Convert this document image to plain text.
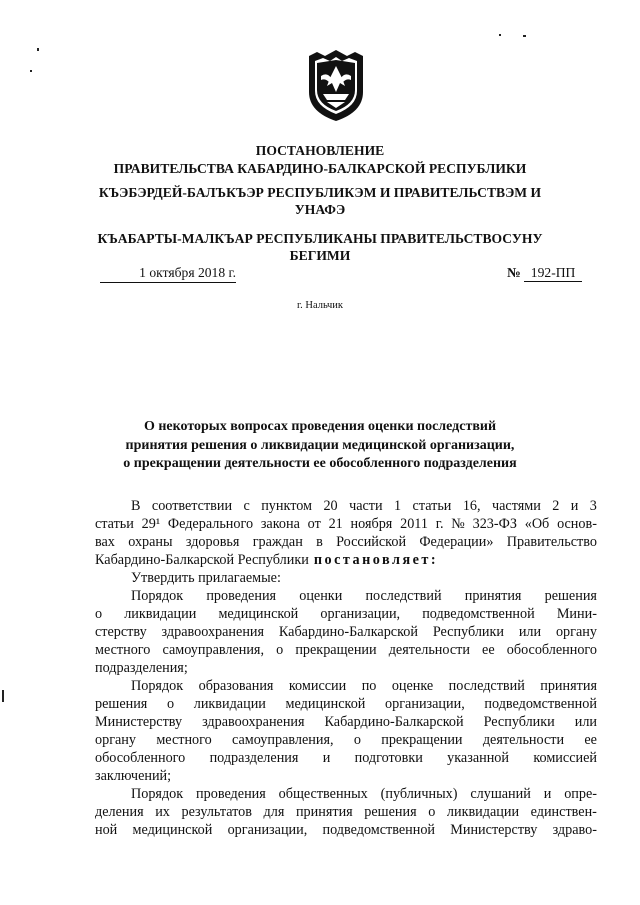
ПОСТАНОВЛЕНИЕ
ПРАВИТЕЛЬСТВА КАБАРДИНО-БАЛКАРСКОЙ РЕСПУБЛИКИ
КЪЭБЭРДЕЙ-БАЛЪКЪЭР РЕСПУБЛИКЭМ И ПРАВИТЕЛЬСТВЭМ И
УНАФЭ
КЪАБАРТЫ-МАЛКЪАР РЕСПУБЛИКАНЫ ПРАВИТЕЛЬСТВОСУНУ
БЕГИМИ
1 октября 2018 г.	№ 192-ПП
г. Нальчик
О некоторых вопросах проведения оценки последствий
принятия решения о ликвидации медицинской организации,
о прекращении деятельности ее обособленного подразделения
В соответствии с пунктом 20 части 1 статьи 16, частями 2 и 3
статьи 29¹ Федерального закона от 21 ноября 2011 г. № 323-ФЗ «Об основ-
вах охраны здоровья граждан в Российской Федерации» Правительство
Кабардино-Балкарской Республики постановляет:
Утвердить прилагаемые:
Порядок проведения оценки последствий принятия решения
о ликвидации медицинской организации, подведомственной Мини-
стерству здравоохранения Кабардино-Балкарской Республики или органу
местного самоуправления, о прекращении деятельности ее обособленного
подразделения;
Порядок образования комиссии по оценке последствий принятия
решения о ликвидации медицинской организации, подведомственной
Министерству здравоохранения Кабардино-Балкарской Республики или
органу местного самоуправления, о прекращении деятельности ее
обособленного подразделения и подготовки указанной комиссией
заключений;
Порядок проведения общественных (публичных) слушаний и опре-
деления их результатов для принятия решения о ликвидации единствен-
ной медицинской организации, подведомственной Министерству здраво-
